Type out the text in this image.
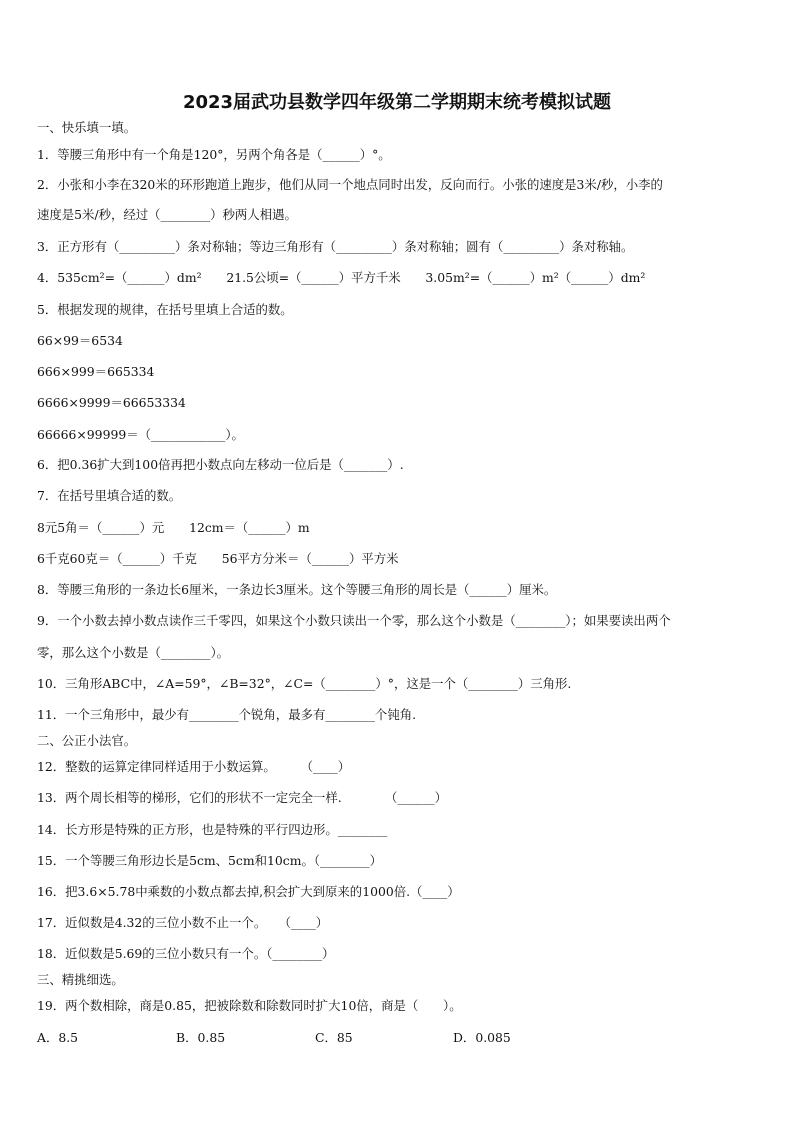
2023届武功县数学四年级第二学期期末统考模拟试题
一、快乐填一填。
1．等腰三角形中有一个角是120°，另两个角各是（______）°。
2．小张和小李在320米的环形跑道上跑步，他们从同一个地点同时出发，反向而行。小张的速度是3米/秒，小李的
速度是5米/秒，经过（________）秒两人相遇。
3．正方形有（_________）条对称轴；等边三角形有（_________）条对称轴；圆有（_________）条对称轴。
4．535cm²=（______）dm²　　21.5公顷=（______）平方千米　　3.05m²=（______）m²（______）dm²
5．根据发现的规律，在括号里填上合适的数。
66×99＝6534
666×999＝665334
6666×9999＝66653334
66666×99999＝（____________）。
6．把0.36扩大到100倍再把小数点向左移动一位后是（_______）.
7．在括号里填合适的数。
8元5角＝（______）元　　12cm＝（______）m
6千克60克＝（______）千克　　56平方分米＝（______）平方米
8．等腰三角形的一条边长6厘米，一条边长3厘米。这个等腰三角形的周长是（______）厘米。
9．一个小数去掉小数点读作三千零四，如果这个小数只读出一个零，那么这个小数是（________）；如果要读出两个
零，那么这个小数是（________）。
10．三角形ABC中，∠A=59°，∠B=32°，∠C=（________）°，这是一个（________）三角形.
11．一个三角形中，最少有________个锐角，最多有________个钝角.
二、公正小法官。
12．整数的运算定律同样适用于小数运算。　　　（____）
13．两个周长相等的梯形，它们的形状不一定完全一样.　　　　（______）
14．长方形是特殊的正方形，也是特殊的平行四边形。________
15．一个等腰三角形边长是5cm、5cm和10cm。（________）
16．把3.6×5.78中乘数的小数点都去掉,积会扩大到原来的1000倍.（____）
17．近似数是4.32的三位小数不止一个。　　（____）
18．近似数是5.69的三位小数只有一个。（________）
三、精挑细选。
19．两个数相除，商是0.85，把被除数和除数同时扩大10倍，商是（　　）。
A．8.5	B．0.85	C．85	D．0.085
